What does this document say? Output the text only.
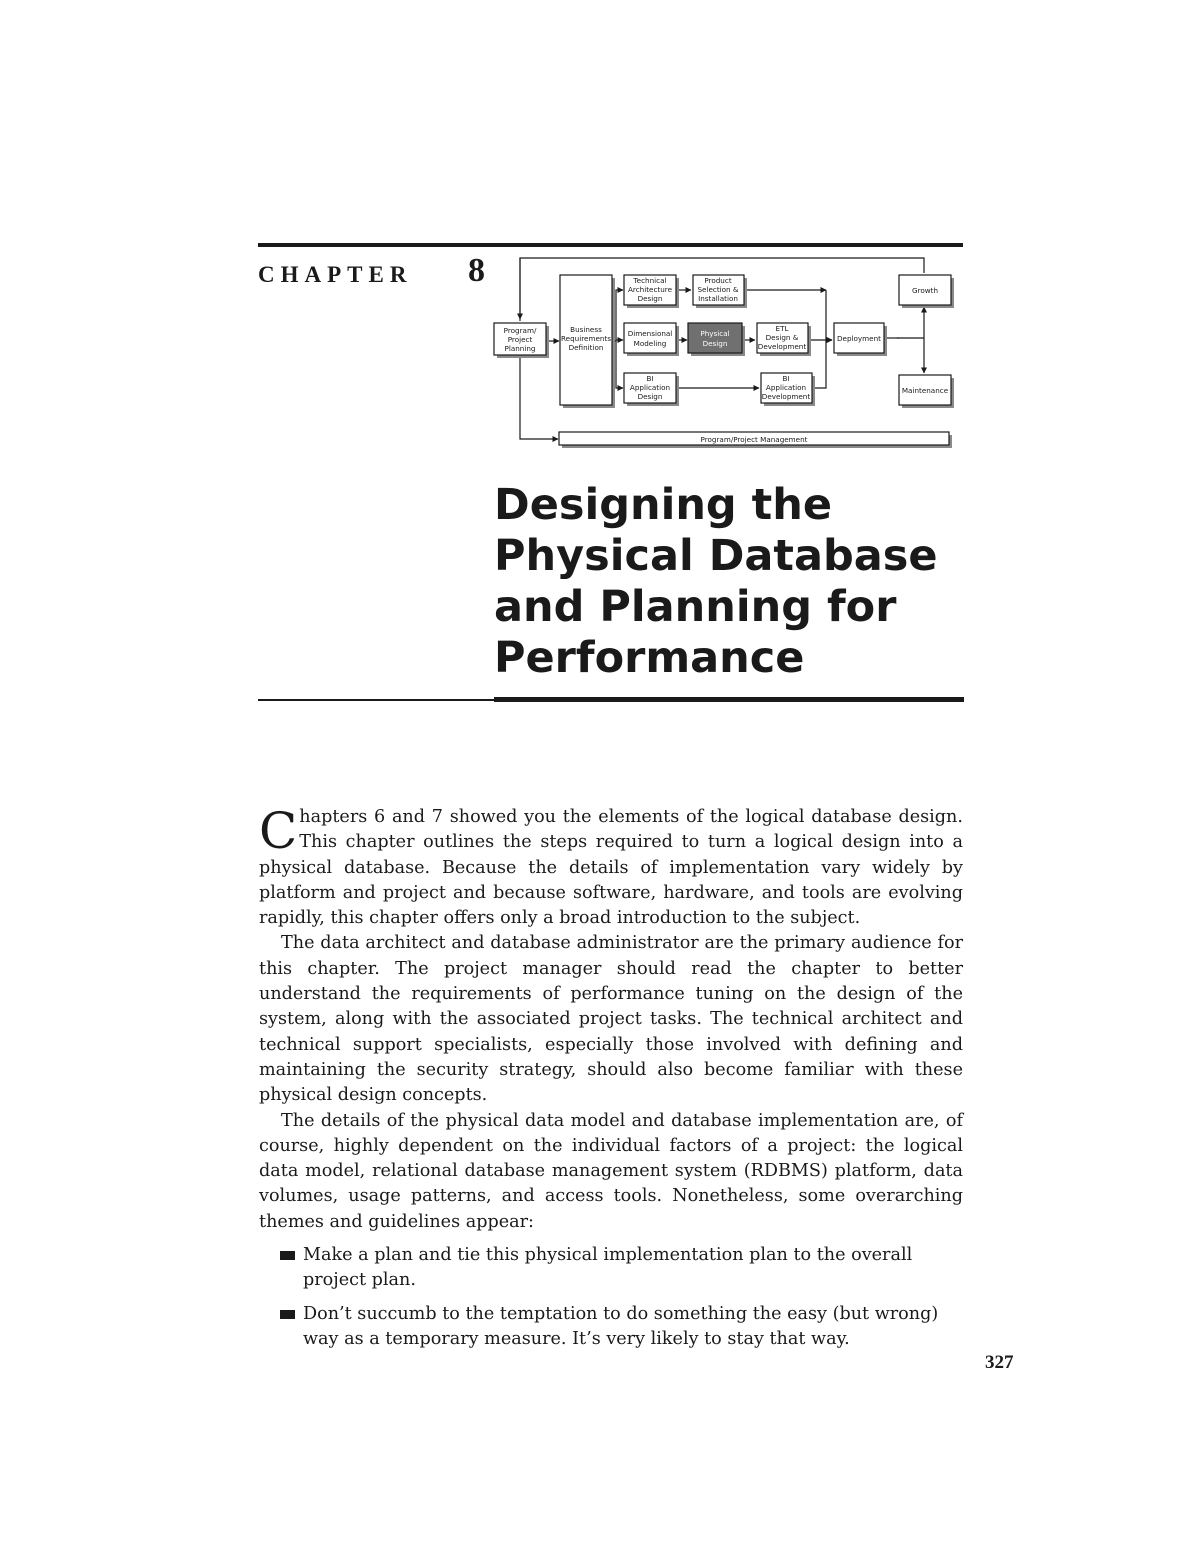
CHAPTER 8
Program/
Project
Planning
Business
Requirements
Definition
Technical
Architecture
Design
Product
Selection &
Installation
Dimensional
Modeling
Physical
Design
ETL
Design &
Development
BI
Application
Design
BI
Application
Development
Deployment
Growth
Maintenance
Program/Project Management
Designing the Physical Database and Planning for Performance

Chapters 6 and 7 showed you the elements of the logical database design. This chapter outlines the steps required to turn a logical design into a physical database. Because the details of implementation vary widely by platform and project and because software, hardware, and tools are evolving rapidly, this chapter offers only a broad introduction to the subject.

The data architect and database administrator are the primary audience for this chapter. The project manager should read the chapter to better understand the requirements of performance tuning on the design of the system, along with the associated project tasks. The technical architect and technical support specialists, especially those involved with defining and maintaining the security strategy, should also become familiar with these physical design concepts.

The details of the physical data model and database implementation are, of course, highly dependent on the individual factors of a project: the logical data model, relational database management system (RDBMS) platform, data volumes, usage patterns, and access tools. Nonetheless, some overarching themes and guidelines appear:

Make a plan and tie this physical implementation plan to the overall project plan.
Don’t succumb to the temptation to do something the easy (but wrong) way as a temporary measure. It’s very likely to stay that way.
327
